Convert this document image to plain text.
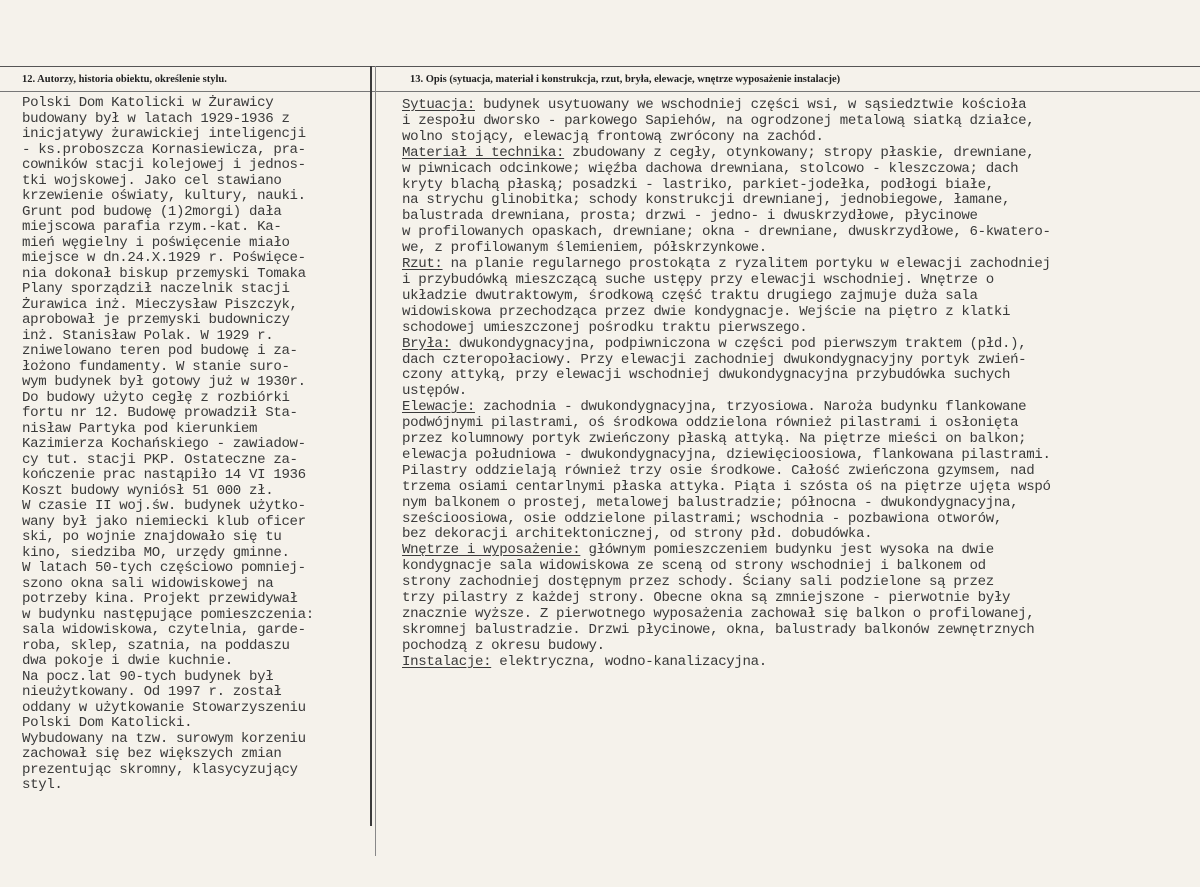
12. Autorzy, historia obiektu, określenie stylu.	13. Opis (sytuacja, materiał i konstrukcja, rzut, bryła, elewacje, wnętrze wyposażenie instalacje)
Polski Dom Katolicki w Żurawicy
budowany był w latach 1929-1936 z
inicjatywy żurawickiej inteligencji
- ks.proboszcza Kornasiewicza, pra-
cowników stacji kolejowej i jednos-
tki wojskowej. Jako cel stawiano
krzewienie oświaty, kultury, nauki.
Grunt pod budowę (1)2morgi) dała
miejscowa parafia rzym.-kat. Ka-
mień węgielny i poświęcenie miało
miejsce w dn.24.X.1929 r. Poświęce-
nia dokonał biskup przemyski Tomaka
Plany sporządził naczelnik stacji
Żurawica inż. Mieczysław Piszczyk,
aprobował je przemyski budowniczy
inż. Stanisław Polak. W 1929 r.
zniwelowano teren pod budowę i za-
łożono fundamenty. W stanie suro-
wym budynek był gotowy już w 1930r.
Do budowy użyto cegłę z rozbiórki
fortu nr 12. Budowę prowadził Sta-
nisław Partyka pod kierunkiem
Kazimierza Kochańskiego - zawiadow-
cy tut. stacji PKP. Ostateczne za-
kończenie prac nastąpiło 14 VI 1936
Koszt budowy wyniósł 51 000 zł.
W czasie II woj.św. budynek użytko-
wany był jako niemiecki klub oficer
ski, po wojnie znajdowało się tu
kino, siedziba MO, urzędy gminne.
W latach 50-tych częściowo pomniej-
szono okna sali widowiskowej na
potrzeby kina. Projekt przewidywał
w budynku następujące pomieszczenia:
sala widowiskowa, czytelnia, garde-
roba, sklep, szatnia, na poddaszu
dwa pokoje i dwie kuchnie.
Na pocz.lat 90-tych budynek był
nieużytkowany. Od 1997 r. został
oddany w użytkowanie Stowarzyszeniu
Polski Dom Katolicki.
Wybudowany na tzw. surowym korzeniu
zachował się bez większych zmian
prezentując skromny, klasycyzujący
styl.
Sytuacja: budynek usytuowany we wschodniej części wsi, w sąsiedztwie kościoła
i zespołu dworsko - parkowego Sapiehów, na ogrodzonej metalową siatką działce,
wolno stojący, elewacją frontową zwrócony na zachód.
Materiał i technika: zbudowany z cegły, otynkowany; stropy płaskie, drewniane,
w piwnicach odcinkowe; więźba dachowa drewniana, stolcowo - kleszczowa; dach
kryty blachą płaską; posadzki - lastriko, parkiet-jodełka, podłogi białe,
na strychu glinobitka; schody konstrukcji drewnianej, jednobiegowe, łamane,
balustrada drewniana, prosta; drzwi - jedno- i dwuskrzydłowe, płycinowe
w profilowanych opaskach, drewniane; okna - drewniane, dwuskrzydłowe, 6-kwatero-
we, z profilowanym ślemieniem, półskrzynkowe.
Rzut: na planie regularnego prostokąta z ryzalitem portyku w elewacji zachodniej
i przybudówką mieszczącą suche ustępy przy elewacji wschodniej. Wnętrze o
układzie dwutraktowym, środkową część traktu drugiego zajmuje duża sala
widowiskowa przechodząca przez dwie kondygnacje. Wejście na piętro z klatki
schodowej umieszczonej pośrodku traktu pierwszego.
Bryła: dwukondygnacyjna, podpiwniczona w części pod pierwszym traktem (płd.),
dach czteropołaciowy. Przy elewacji zachodniej dwukondygnacyjny portyk zwień-
czony attyką, przy elewacji wschodniej dwukondygnacyjna przybudówka suchych
ustępów.
Elewacje: zachodnia - dwukondygnacyjna, trzyosiowa. Naroża budynku flankowane
podwójnymi pilastrami, oś środkowa oddzielona również pilastrami i osłonięta
przez kolumnowy portyk zwieńczony płaską attyką. Na piętrze mieści on balkon;
elewacja południowa - dwukondygnacyjna, dziewięcioosiowa, flankowana pilastrami.
Pilastry oddzielają również trzy osie środkowe. Całość zwieńczona gzymsem, nad
trzema osiami centarlnymi płaska attyka. Piąta i szósta oś na piętrze ujęta wspó
nym balkonem o prostej, metalowej balustradzie; północna - dwukondygnacyjna,
sześcioosiowa, osie oddzielone pilastrami; wschodnia - pozbawiona otworów,
bez dekoracji architektonicznej, od strony płd. dobudówka.
Wnętrze i wyposażenie: głównym pomieszczeniem budynku jest wysoka na dwie
kondygnacje sala widowiskowa ze sceną od strony wschodniej i balkonem od
strony zachodniej dostępnym przez schody. Ściany sali podzielone są przez
trzy pilastry z każdej strony. Obecne okna są zmniejszone - pierwotnie były
znacznie wyższe. Z pierwotnego wyposażenia zachował się balkon o profilowanej,
skromnej balustradzie. Drzwi płycinowe, okna, balustrady balkonów zewnętrznych
pochodzą z okresu budowy.
Instalacje: elektryczna, wodno-kanalizacyjna.
